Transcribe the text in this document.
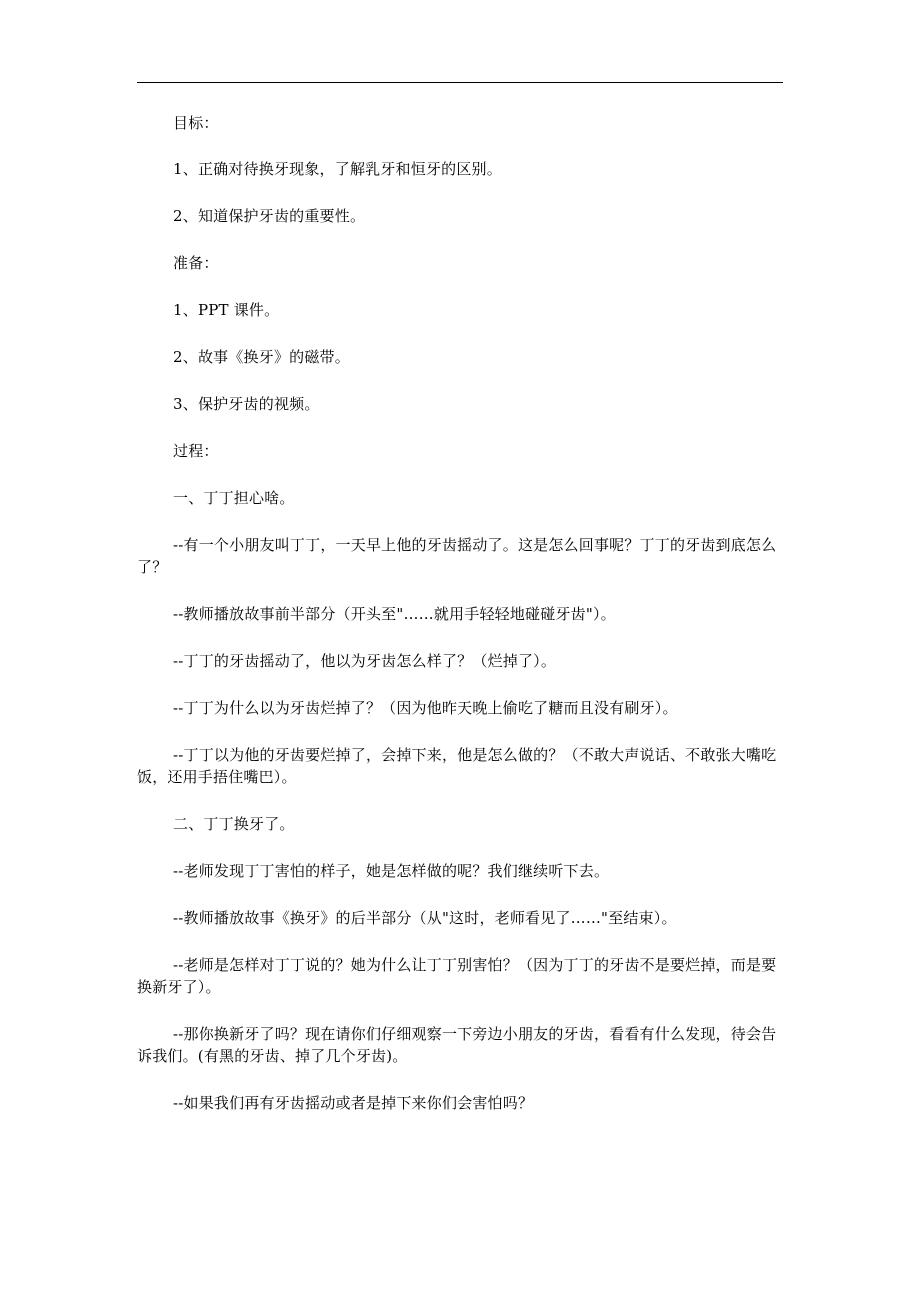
目标：

1、正确对待换牙现象，了解乳牙和恒牙的区别。

2、知道保护牙齿的重要性。

准备：

1、PPT 课件。

2、故事《换牙》的磁带。

3、保护牙齿的视频。

过程：

一、丁丁担心啥。

--有一个小朋友叫丁丁，一天早上他的牙齿摇动了。这是怎么回事呢？丁丁的牙齿到底怎么了？

--教师播放故事前半部分（开头至"……就用手轻轻地碰碰牙齿"）。

--丁丁的牙齿摇动了，他以为牙齿怎么样了？（烂掉了）。

--丁丁为什么以为牙齿烂掉了？（因为他昨天晚上偷吃了糖而且没有刷牙）。

--丁丁以为他的牙齿要烂掉了，会掉下来，他是怎么做的？（不敢大声说话、不敢张大嘴吃饭，还用手捂住嘴巴）。

二、丁丁换牙了。

--老师发现丁丁害怕的样子，她是怎样做的呢？我们继续听下去。

--教师播放故事《换牙》的后半部分（从"这时，老师看见了……"至结束）。

--老师是怎样对丁丁说的？她为什么让丁丁别害怕？（因为丁丁的牙齿不是要烂掉，而是要换新牙了）。

--那你换新牙了吗？现在请你们仔细观察一下旁边小朋友的牙齿，看看有什么发现，待会告诉我们。(有黑的牙齿、掉了几个牙齿)。

--如果我们再有牙齿摇动或者是掉下来你们会害怕吗？
